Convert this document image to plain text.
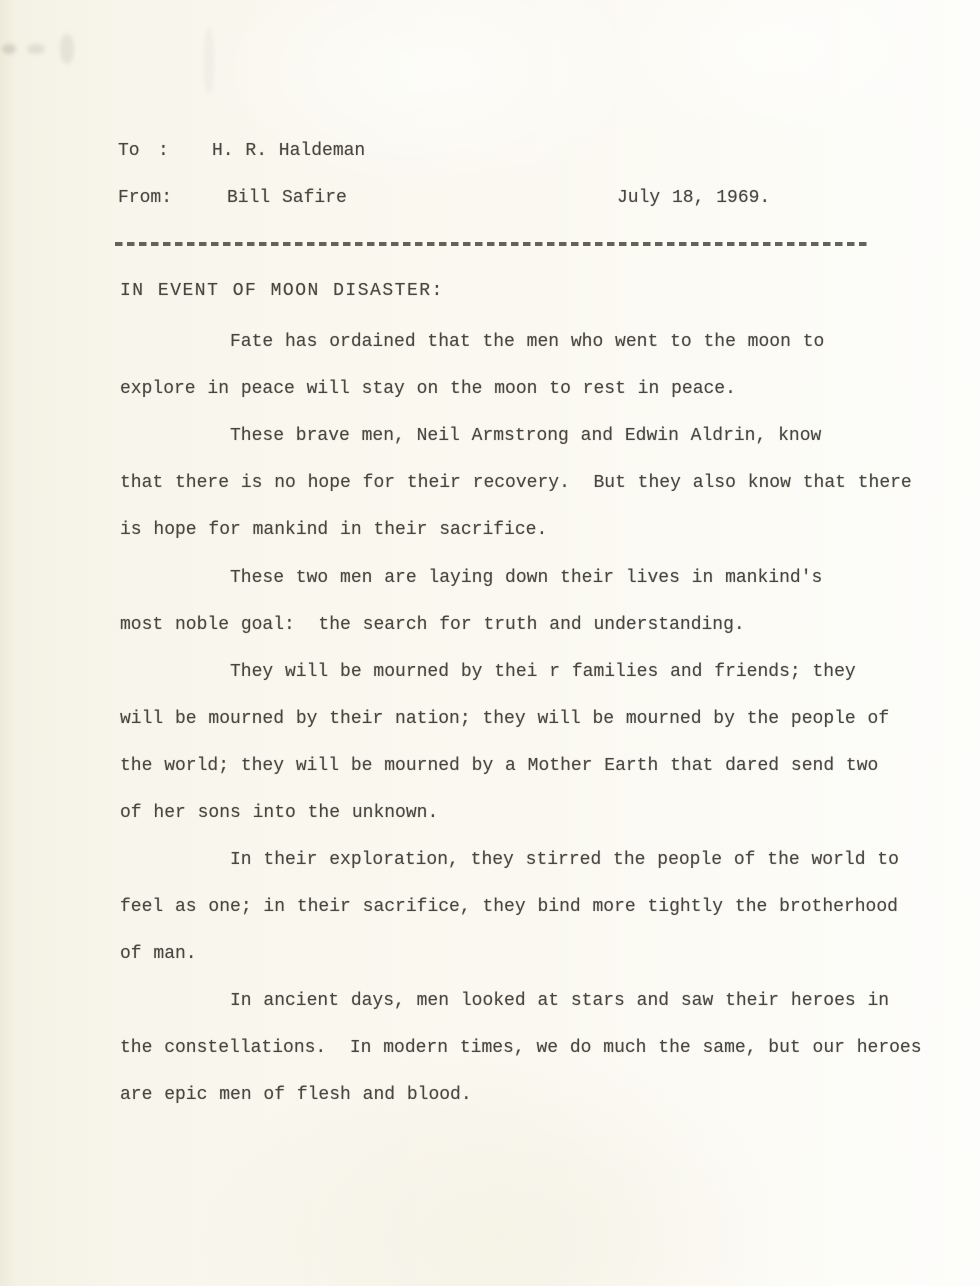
To : H. R. Haldeman
From:	Bill Safire	July 18, 1969.
IN EVENT OF MOON DISASTER:
Fate has ordained that the men who went to the moon to
explore in peace will stay on the moon to rest in peace.
These brave men, Neil Armstrong and Edwin Aldrin, know
that there is no hope for their recovery.  But they also know that there
is hope for mankind in their sacrifice.
These two men are laying down their lives in mankind's
most noble goal:  the search for truth and understanding.
They will be mourned by thei r families and friends; they
will be mourned by their nation; they will be mourned by the people of
the world; they will be mourned by a Mother Earth that dared send two
of her sons into the unknown.
In their exploration, they stirred the people of the world to
feel as one; in their sacrifice, they bind more tightly the brotherhood
of man.
In ancient days, men looked at stars and saw their heroes in
the constellations.  In modern times, we do much the same, but our heroes
are epic men of flesh and blood.
